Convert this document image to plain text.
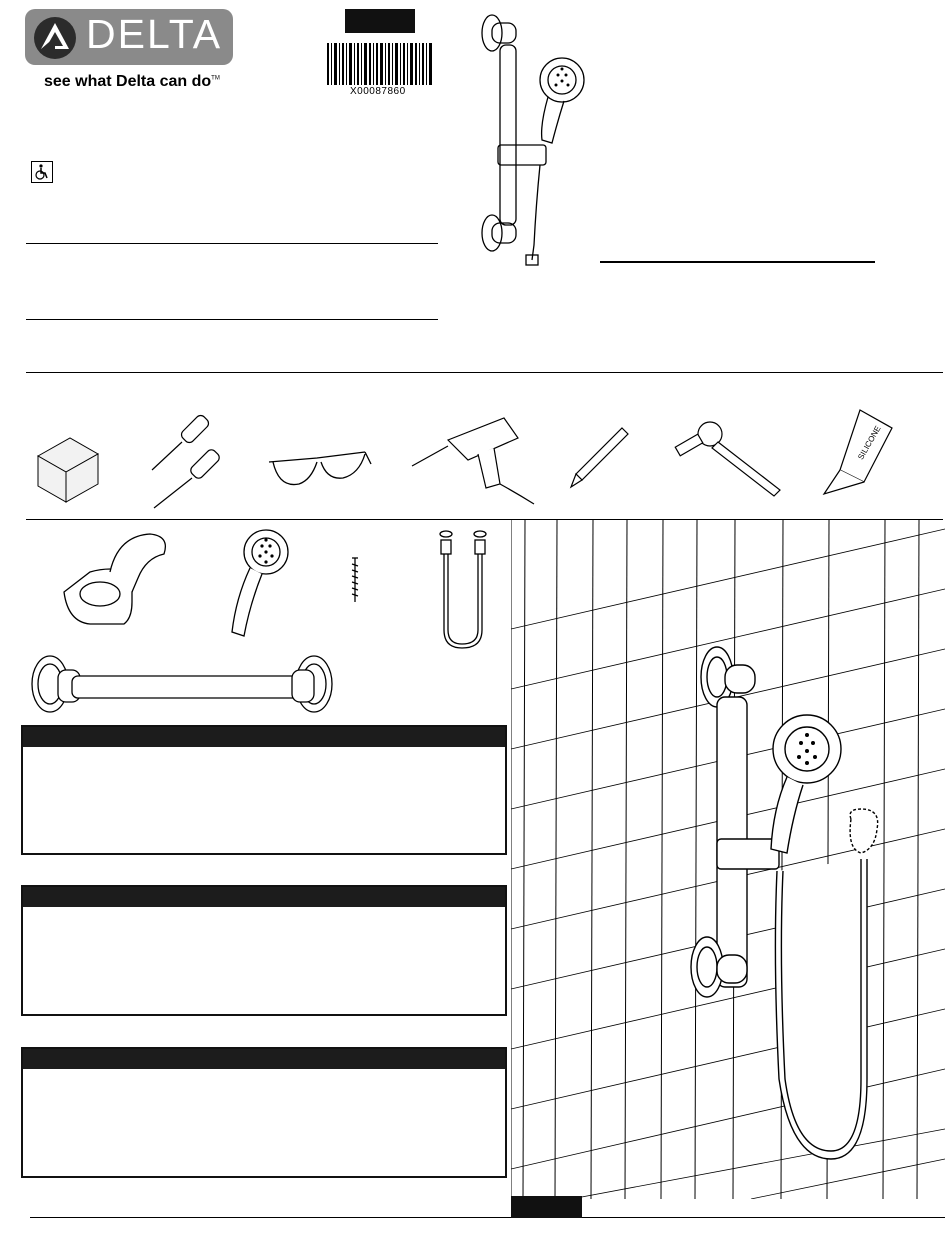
DELTA
see what Delta can do™
X00087860
SILICONE
